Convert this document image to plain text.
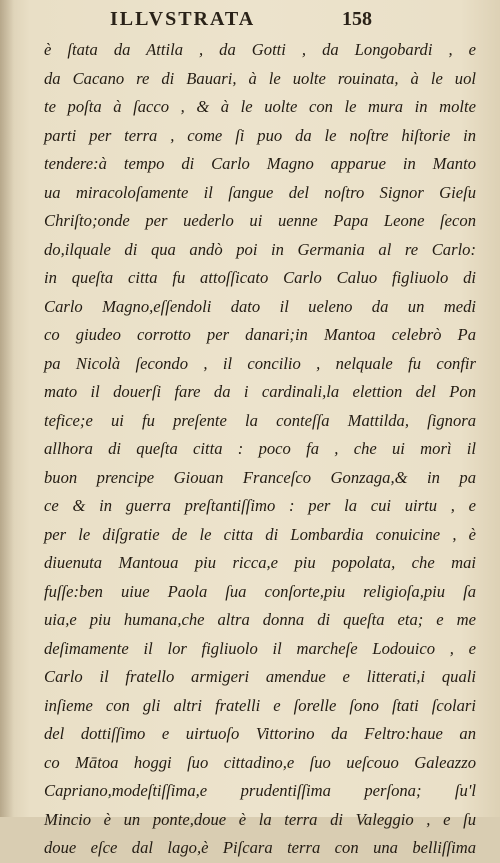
ILLVSTRATA	158
è ſtata da Attila , da Gotti , da Longobardi , e
da Cacano re di Bauari, à le uolte rouinata, à le uol
te poſta à ſacco , & à le uolte con le mura in molte
parti per terra , come ſi puo da le noſtre hiſtorie in
tendere:à tempo di Carlo Magno apparue in Manto
ua miracoloſamente il ſangue del noſtro Signor Gieſu
Chriſto;onde per uederlo ui uenne Papa Leone ſecon
do,ilquale di qua andò poi in Germania al re Carlo:
in queſta citta fu attoſſicato Carlo Caluo figliuolo di
Carlo Magno,eſſendoli dato il ueleno da un medi
co giudeo corrotto per danari;in Mantoa celebrò Pa
pa Nicolà ſecondo , il concilio , nelquale fu confir
mato il douerſi fare da i cardinali,la elettion del Pon
tefice;e ui fu preſente la conteſſa Mattilda, ſignora
allhora di queſta citta : poco fa , che ui morì il
buon prencipe Giouan Franceſco Gonzaga,& in pa
ce & in guerra preſtantiſſimo : per la cui uirtu , e
per le diſgratie de le citta di Lombardia conuicine , è
diuenuta Mantoua piu ricca,e piu popolata, che mai
fuſſe:ben uiue Paola ſua conſorte,piu religioſa,piu ſa
uia,e piu humana,che altra donna di queſta eta; e me
deſimamente il lor figliuolo il marcheſe Lodouico , e
Carlo il fratello armigeri amendue e litterati,i quali
inſieme con gli altri fratelli e ſorelle ſono ſtati ſcolari
del dottiſſimo e uirtuoſo Vittorino da Feltro:haue an
co Mātoa hoggi ſuo cittadino,e ſuo ueſcouo Galeazzo
Capriano,modeſtiſſima,e prudentiſſima perſona; ſu'l
Mincio è un ponte,doue è la terra di Valeggio , e ſu
doue eſce dal lago,è Piſcara terra con una belliſſima
